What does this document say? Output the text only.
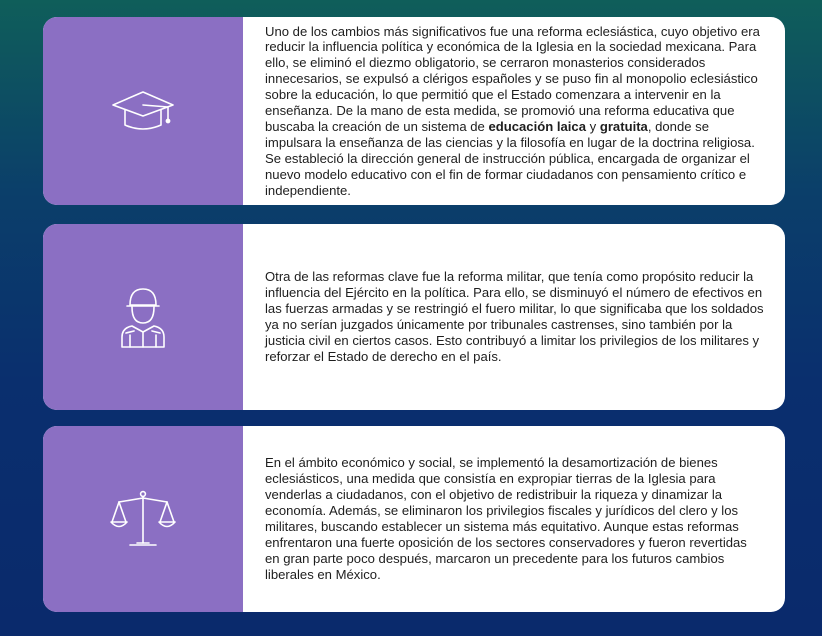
Uno de los cambios más significativos fue una reforma eclesiástica, cuyo objetivo era reducir la influencia política y económica de la Iglesia en la sociedad mexicana. Para ello, se eliminó el diezmo obligatorio, se cerraron monasterios considerados innecesarios, se expulsó a clérigos españoles y se puso fin al monopolio eclesiástico sobre la educación, lo que permitió que el Estado comenzara a intervenir en la enseñanza. De la mano de esta medida, se promovió una reforma educativa que buscaba la creación de un sistema de educación laica y gratuita, donde se impulsara la enseñanza de las ciencias y la filosofía en lugar de la doctrina religiosa. Se estableció la dirección general de instrucción pública, encargada de organizar el nuevo modelo educativo con el fin de formar ciudadanos con pensamiento crítico e independiente.

Otra de las reformas clave fue la reforma militar, que tenía como propósito reducir la influencia del Ejército en la política. Para ello, se disminuyó el número de efectivos en las fuerzas armadas y se restringió el fuero militar, lo que significaba que los soldados ya no serían juzgados únicamente por tribunales castrenses, sino también por la justicia civil en ciertos casos. Esto contribuyó a limitar los privilegios de los militares y reforzar el Estado de derecho en el país.

En el ámbito económico y social, se implementó la desamortización de bienes eclesiásticos, una medida que consistía en expropiar tierras de la Iglesia para venderlas a ciudadanos, con el objetivo de redistribuir la riqueza y dinamizar la economía. Además, se eliminaron los privilegios fiscales y jurídicos del clero y los militares, buscando establecer un sistema más equitativo. Aunque estas reformas enfrentaron una fuerte oposición de los sectores conservadores y fueron revertidas en gran parte poco después, marcaron un precedente para los futuros cambios liberales en México.
